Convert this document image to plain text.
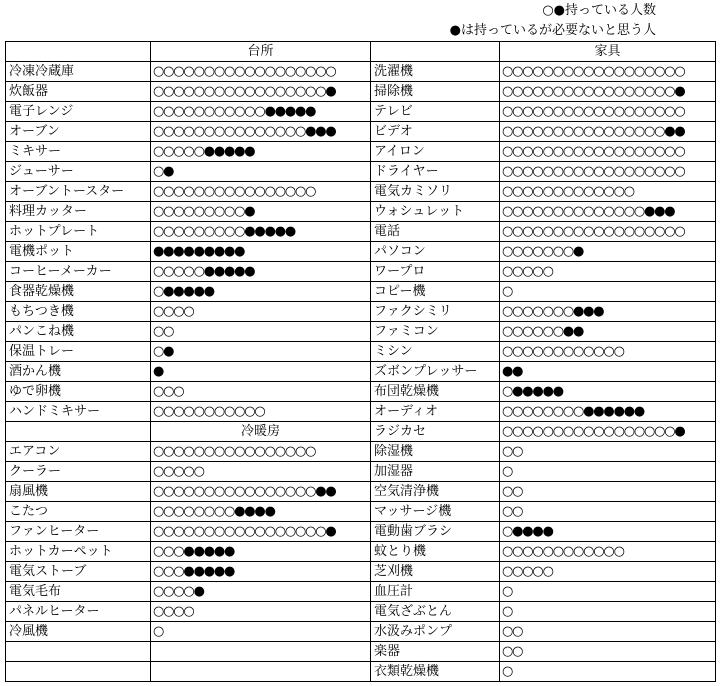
○●持っている人数
●は持っているが必要ないと思う人
	台所		家具
冷凍冷蔵庫	○○○○○○○○○○○○○○○○○○	洗濯機	○○○○○○○○○○○○○○○○○○
炊飯器	○○○○○○○○○○○○○○○○○●	掃除機	○○○○○○○○○○○○○○○○○●
電子レンジ	○○○○○○○○○○○●●●●●	テレビ	○○○○○○○○○○○○○○○○○○
オーブン	○○○○○○○○○○○○○○○●●●	ビデオ	○○○○○○○○○○○○○○○○●●
ミキサー	○○○○○●●●●●	アイロン	○○○○○○○○○○○○○○○○○○
ジューサー	○●	ドライヤー	○○○○○○○○○○○○○○○○○○
オーブントースター	○○○○○○○○○○○○○○○○	電気カミソリ	○○○○○○○○○○○○○
料理カッター	○○○○○○○○○●	ウォシュレット	○○○○○○○○○○○○○○●●●
ホットプレート	○○○○○○○○○●●●●●	電話	○○○○○○○○○○○○○○○○○○
電機ポット	●●●●●●●●●	パソコン	○○○○○○○●
コーヒーメーカー	○○○○○●●●●●	ワープロ	○○○○○
食器乾燥機	○●●●●●	コピー機	○
もちつき機	○○○○	ファクシミリ	○○○○○○○●●●
パンこね機	○○	ファミコン	○○○○○○●●
保温トレー	○●	ミシン	○○○○○○○○○○○○
酒かん機	●	ズボンプレッサー	●●
ゆで卵機	○○○	布団乾燥機	○●●●●●
ハンドミキサー	○○○○○○○○○○○	オーディオ	○○○○○○○○●●●●●●
	冷暖房	ラジカセ	○○○○○○○○○○○○○○○○○●
エアコン	○○○○○○○○○○○○○○○○	除湿機	○○
クーラー	○○○○○	加湿器	○
扇風機	○○○○○○○○○○○○○○○○●●	空気清浄機	○○
こたつ	○○○○○○○○●●●●	マッサージ機	○○
ファンヒーター	○○○○○○○○○○○○○○○○○●	電動歯ブラシ	○●●●●
ホットカーペット	○○○●●●●●	蚊とり機	○○○○○○○○○○○○
電気ストーブ	○○○●●●●●	芝刈機	○○○○○
電気毛布	○○○○●	血圧計	○
パネルヒーター	○○○○	電気ざぶとん	○
冷風機	○	水汲みポンプ	○○
		楽器	○○
		衣類乾燥機	○
